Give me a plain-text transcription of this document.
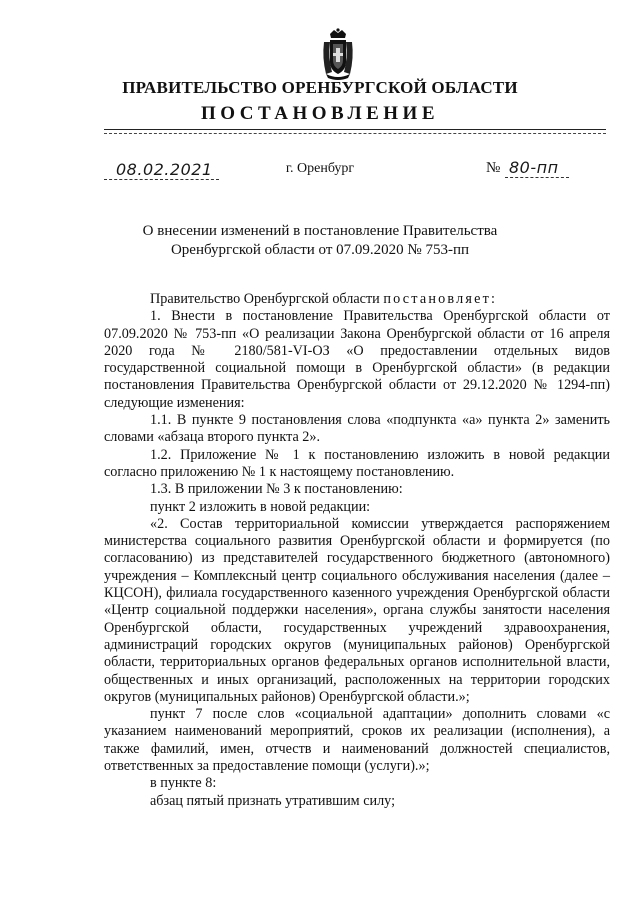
ПРАВИТЕЛЬСТВО ОРЕНБУРГСКОЙ ОБЛАСТИ
ПОСТАНОВЛЕНИЕ
08.02.2021	г. Оренбург	№ 80-пп
О внесении изменений в постановление Правительства
Оренбургской области от 07.09.2020 № 753-пп

Правительство Оренбургской области постановляет:

1. Внести в постановление Правительства Оренбургской области от 07.09.2020 № 753-пп «О реализации Закона Оренбургской области от 16 апреля 2020 года № 2180/581-VI-ОЗ «О предоставлении отдельных видов государственной социальной помощи в Оренбургской области» (в редакции постановления Правительства Оренбургской области от 29.12.2020 № 1294-пп) следующие изменения:

1.1. В пункте 9 постановления слова «подпункта «а» пункта 2» заменить словами «абзаца второго пункта 2».

1.2. Приложение № 1 к постановлению изложить в новой редакции согласно приложению № 1 к настоящему постановлению.

1.3. В приложении № 3 к постановлению:

пункт 2 изложить в новой редакции:

«2. Состав территориальной комиссии утверждается распоряжением министерства социального развития Оренбургской области и формируется (по согласованию) из представителей государственного бюджетного (автономного) учреждения – Комплексный центр социального обслуживания населения (далее – КЦСОН), филиала государственного казенного учреждения Оренбургской области «Центр социальной поддержки населения», органа службы занятости населения Оренбургской области, государственных учреждений здравоохранения, администраций городских округов (муниципальных районов) Оренбургской области, территориальных органов федеральных органов исполнительной власти, общественных и иных организаций, расположенных на территории городских округов (муниципальных районов) Оренбургской области.»;

пункт 7 после слов «социальной адаптации» дополнить словами «с указанием наименований мероприятий, сроков их реализации (исполнения), а также фамилий, имен, отчеств и наименований должностей специалистов, ответственных за предоставление помощи (услуги).»;

в пункте 8:

абзац пятый признать утратившим силу;
